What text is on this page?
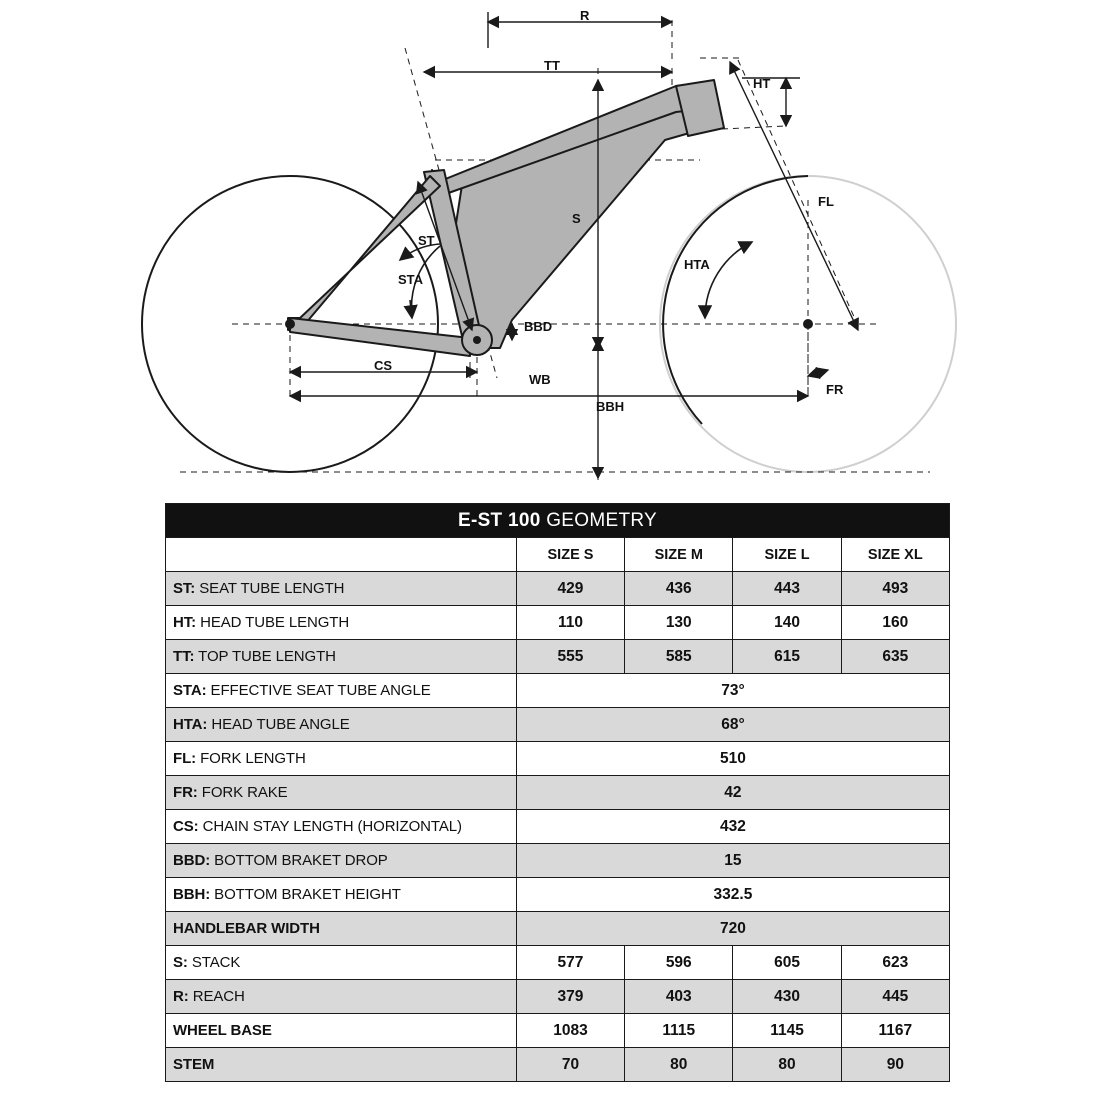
R
TT
HT
S
FL
ST
STA
HTA
BBD
CS
WB
BBH
FR
E-ST 100 GEOMETRY				
	SIZE S	SIZE M	SIZE L	SIZE XL
ST: SEAT TUBE LENGTH	429	436	443	493
HT: HEAD TUBE LENGTH	110	130	140	160
TT: TOP TUBE LENGTH	555	585	615	635
STA: EFFECTIVE SEAT TUBE ANGLE	73°			
HTA: HEAD TUBE ANGLE	68°			
FL: FORK LENGTH	510			
FR: FORK RAKE	42			
CS: CHAIN STAY LENGTH (HORIZONTAL)	432			
BBD: BOTTOM BRAKET DROP	15			
BBH: BOTTOM BRAKET HEIGHT	332.5			
HANDLEBAR WIDTH	720			
S: STACK	577	596	605	623
R: REACH	379	403	430	445
WHEEL BASE	1083	1115	1145	1167
STEM	70	80	80	90
